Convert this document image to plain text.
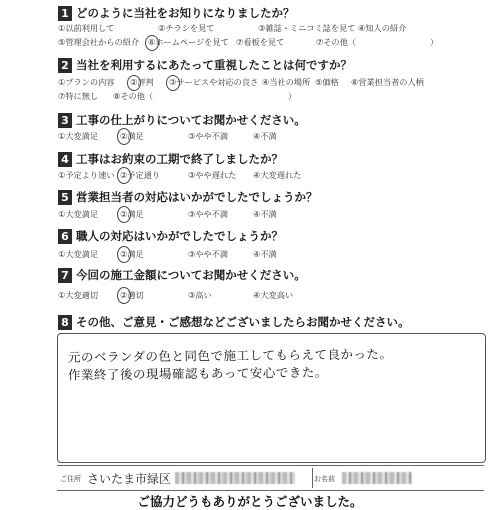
1 どのように当社をお知りになりましたか？
①以前利用して	②チラシを見て	③雑誌・ミニコミ誌を見て ④知人の紹介
⑤管理会社からの紹介 ⑥ホームページを見て ⑦看板を見て	⑦その他（	）
2 当社を利用するにあたって重視したことは何ですか？
①プランの内容 ②評判 ③サービスや対応の良さ ④当社の場所 ⑤価格 ⑥営業担当者の人柄
⑦特に無し ⑧その他（	）
3 工事の仕上がりについてお聞かせください。
①大変満足	②満足	③やや不満	④不満
4 工事はお約束の工期で終了しましたか？
①予定より速い ②予定通り	③やや遅れた ④大変遅れた
5 営業担当者の対応はいかがでしたでしょうか？
①大変満足	②満足	③やや不満	④不満
6 職人の対応はいかがでしたでしょうか？
①大変満足	②満足	③やや不満	④不満
7 今回の施工金額についてお聞かせください。
①大変適切	②適切	③高い	④大変高い
8 その他、ご意見・ご感想などございましたらお聞かせください。
元のベランダの色と同色で施工してもらえて良かった。
作業終了後の現場確認もあって安心できた。
ご住所 さいたま市緑区	お名前
ご協力どうもありがとうございました。
